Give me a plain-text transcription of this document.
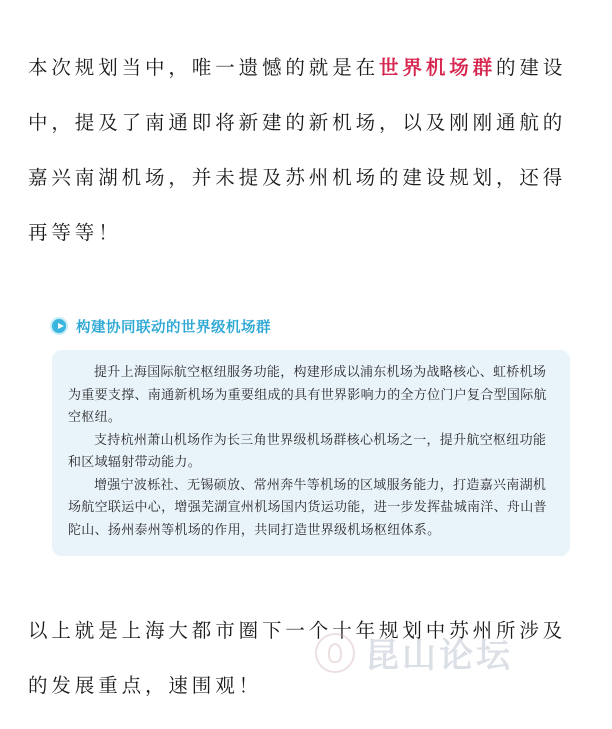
本次规划当中，唯一遗憾的就是在世界机场群的建设中，提及了南通即将新建的新机场，以及刚刚通航的嘉兴南湖机场，并未提及苏州机场的建设规划，还得再等等！

构建协同联动的世界级机场群

提升上海国际航空枢纽服务功能，构建形成以浦东机场为战略核心、虹桥机场为重要支撑、南通新机场为重要组成的具有世界影响力的全方位门户复合型国际航空枢纽。

支持杭州萧山机场作为长三角世界级机场群核心机场之一，提升航空枢纽功能和区域辐射带动能力。

增强宁波栎社、无锡硕放、常州奔牛等机场的区域服务能力，打造嘉兴南湖机场航空联运中心，增强芜湖宣州机场国内货运功能，进一步发挥盐城南洋、舟山普陀山、扬州泰州等机场的作用，共同打造世界级机场枢纽体系。

以上就是上海大都市圈下一个十年规划中苏州所涉及的发展重点，速围观！

昆山论坛
